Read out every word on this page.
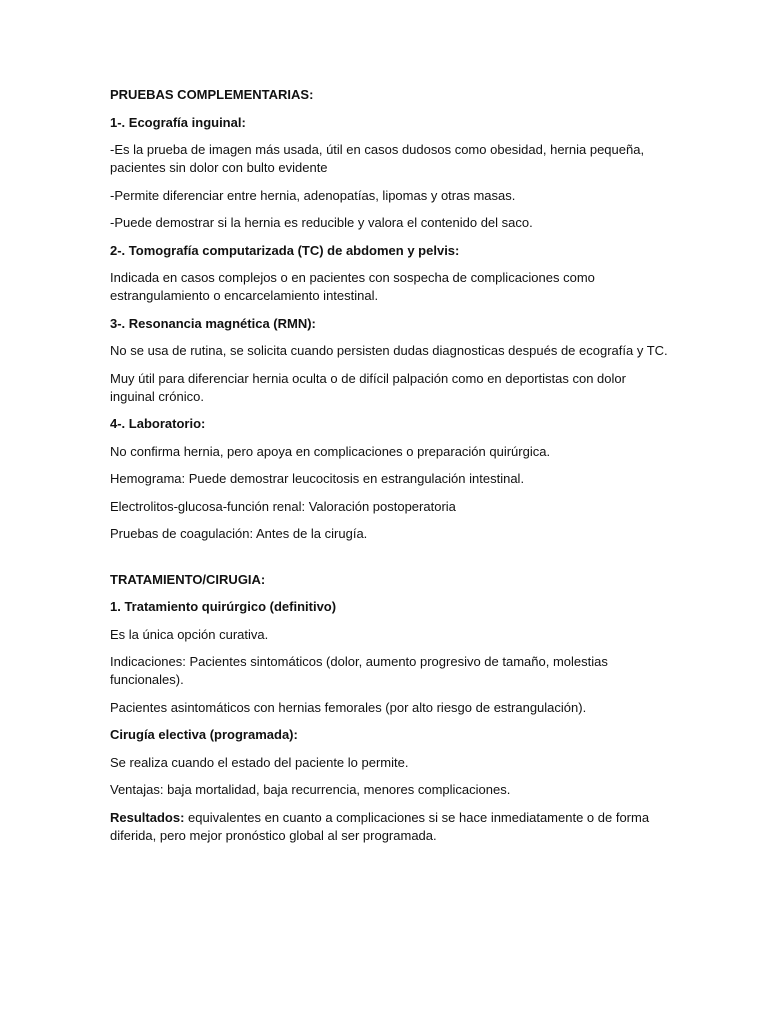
PRUEBAS COMPLEMENTARIAS:

1-. Ecografía inguinal:

-Es la prueba de imagen más usada, útil en casos dudosos como obesidad, hernia pequeña, pacientes sin dolor con bulto evidente

-Permite diferenciar entre hernia, adenopatías, lipomas y otras masas.

-Puede demostrar si la hernia es reducible y valora el contenido del saco.

2-. Tomografía computarizada (TC) de abdomen y pelvis:

Indicada en casos complejos o en pacientes con sospecha de complicaciones como estrangulamiento o encarcelamiento intestinal.

3-. Resonancia magnética (RMN):

No se usa de rutina, se solicita cuando persisten dudas diagnosticas después de ecografía y TC.

Muy útil para diferenciar hernia oculta o de difícil palpación como en deportistas con dolor inguinal crónico.

4-. Laboratorio:

No confirma hernia, pero apoya en complicaciones o preparación quirúrgica.

Hemograma: Puede demostrar leucocitosis en estrangulación intestinal.

Electrolitos-glucosa-función renal: Valoración postoperatoria

Pruebas de coagulación: Antes de la cirugía.

TRATAMIENTO/CIRUGIA:

1. Tratamiento quirúrgico (definitivo)

Es la única opción curativa.

Indicaciones: Pacientes sintomáticos (dolor, aumento progresivo de tamaño, molestias funcionales).

Pacientes asintomáticos con hernias femorales (por alto riesgo de estrangulación).

Cirugía electiva (programada):

Se realiza cuando el estado del paciente lo permite.

Ventajas: baja mortalidad, baja recurrencia, menores complicaciones.

Resultados: equivalentes en cuanto a complicaciones si se hace inmediatamente o de forma diferida, pero mejor pronóstico global al ser programada.
